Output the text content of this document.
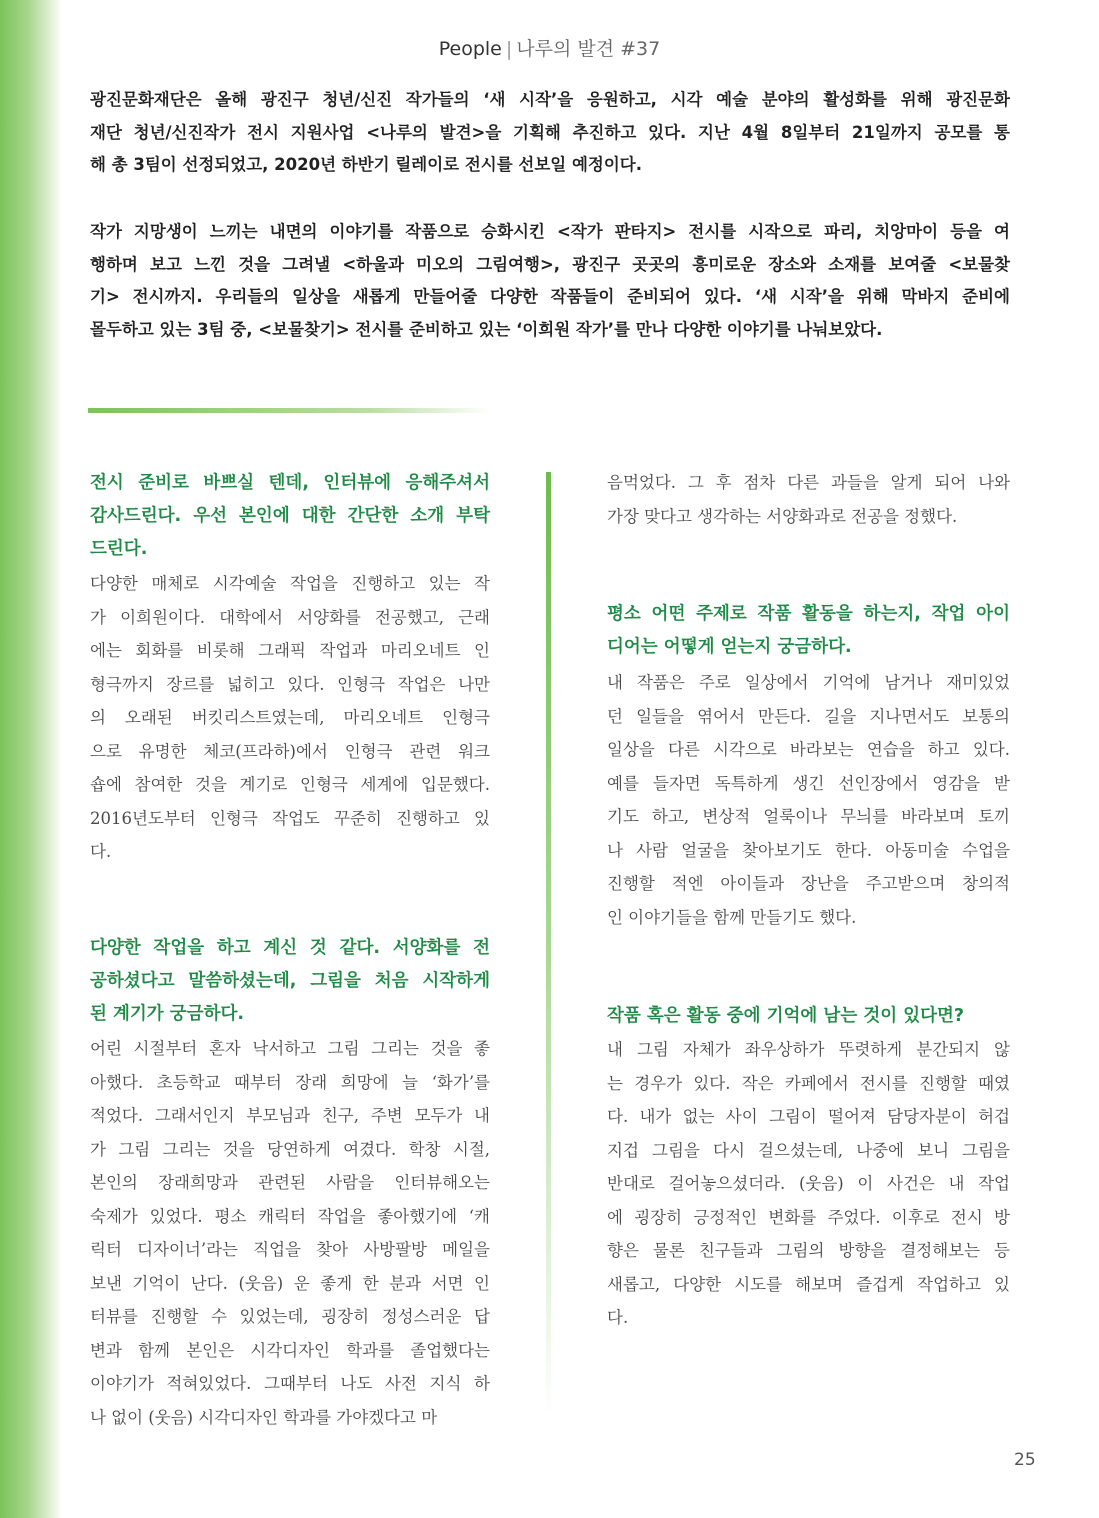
People | 나루의 발견 #37
25
광진문화재단은 올해 광진구 청년/신진 작가들의 ‘새 시작’을 응원하고, 시각 예술 분야의 활성화를 위해 광진문화
재단 청년/신진작가 전시 지원사업 <나루의 발견>을 기획해 추진하고 있다. 지난 4월 8일부터 21일까지 공모를 통
해 총 3팀이 선정되었고, 2020년 하반기 릴레이로 전시를 선보일 예정이다.
작가 지망생이 느끼는 내면의 이야기를 작품으로 승화시킨 <작가 판타지> 전시를 시작으로 파리, 치앙마이 등을 여
행하며 보고 느낀 것을 그려낼 <하울과 미오의 그림여행>, 광진구 곳곳의 흥미로운 장소와 소재를 보여줄 <보물찾
기> 전시까지. 우리들의 일상을 새롭게 만들어줄 다양한 작품들이 준비되어 있다. ‘새 시작’을 위해 막바지 준비에
몰두하고 있는 3팀 중, <보물찾기> 전시를 준비하고 있는 ‘이희원 작가’를 만나 다양한 이야기를 나눠보았다.
전시 준비로 바쁘실 텐데, 인터뷰에 응해주셔서
감사드린다. 우선 본인에 대한 간단한 소개 부탁
드린다.
다양한 매체로 시각예술 작업을 진행하고 있는 작
가 이희원이다. 대학에서 서양화를 전공했고, 근래
에는 회화를 비롯해 그래픽 작업과 마리오네트 인
형극까지 장르를 넓히고 있다. 인형극 작업은 나만
의 오래된 버킷리스트였는데, 마리오네트 인형극
으로 유명한 체코(프라하)에서 인형극 관련 워크
숍에 참여한 것을 계기로 인형극 세계에 입문했다.
2016년도부터 인형극 작업도 꾸준히 진행하고 있
다.
다양한 작업을 하고 계신 것 같다. 서양화를 전
공하셨다고 말씀하셨는데, 그림을 처음 시작하게
된 계기가 궁금하다.
어린 시절부터 혼자 낙서하고 그림 그리는 것을 좋
아했다. 초등학교 때부터 장래 희망에 늘 ‘화가’를
적었다. 그래서인지 부모님과 친구, 주변 모두가 내
가 그림 그리는 것을 당연하게 여겼다. 학창 시절,
본인의 장래희망과 관련된 사람을 인터뷰해오는
숙제가 있었다. 평소 캐릭터 작업을 좋아했기에 ‘캐
릭터 디자이너’라는 직업을 찾아 사방팔방 메일을
보낸 기억이 난다. (웃음) 운 좋게 한 분과 서면 인
터뷰를 진행할 수 있었는데, 굉장히 정성스러운 답
변과 함께 본인은 시각디자인 학과를 졸업했다는
이야기가 적혀있었다. 그때부터 나도 사전 지식 하
나 없이 (웃음) 시각디자인 학과를 가야겠다고 마
음먹었다. 그 후 점차 다른 과들을 알게 되어 나와
가장 맞다고 생각하는 서양화과로 전공을 정했다.
평소 어떤 주제로 작품 활동을 하는지, 작업 아이
디어는 어떻게 얻는지 궁금하다.
내 작품은 주로 일상에서 기억에 남거나 재미있었
던 일들을 엮어서 만든다. 길을 지나면서도 보통의
일상을 다른 시각으로 바라보는 연습을 하고 있다.
예를 들자면 독특하게 생긴 선인장에서 영감을 받
기도 하고, 변상적 얼룩이나 무늬를 바라보며 토끼
나 사람 얼굴을 찾아보기도 한다. 아동미술 수업을
진행할 적엔 아이들과 장난을 주고받으며 창의적
인 이야기들을 함께 만들기도 했다.
작품 혹은 활동 중에 기억에 남는 것이 있다면?
내 그림 자체가 좌우상하가 뚜렷하게 분간되지 않
는 경우가 있다. 작은 카페에서 전시를 진행할 때였
다. 내가 없는 사이 그림이 떨어져 담당자분이 허겁
지겁 그림을 다시 걸으셨는데, 나중에 보니 그림을
반대로 걸어놓으셨더라. (웃음) 이 사건은 내 작업
에 굉장히 긍정적인 변화를 주었다. 이후로 전시 방
향은 물론 친구들과 그림의 방향을 결정해보는 등
새롭고, 다양한 시도를 해보며 즐겁게 작업하고 있
다.
